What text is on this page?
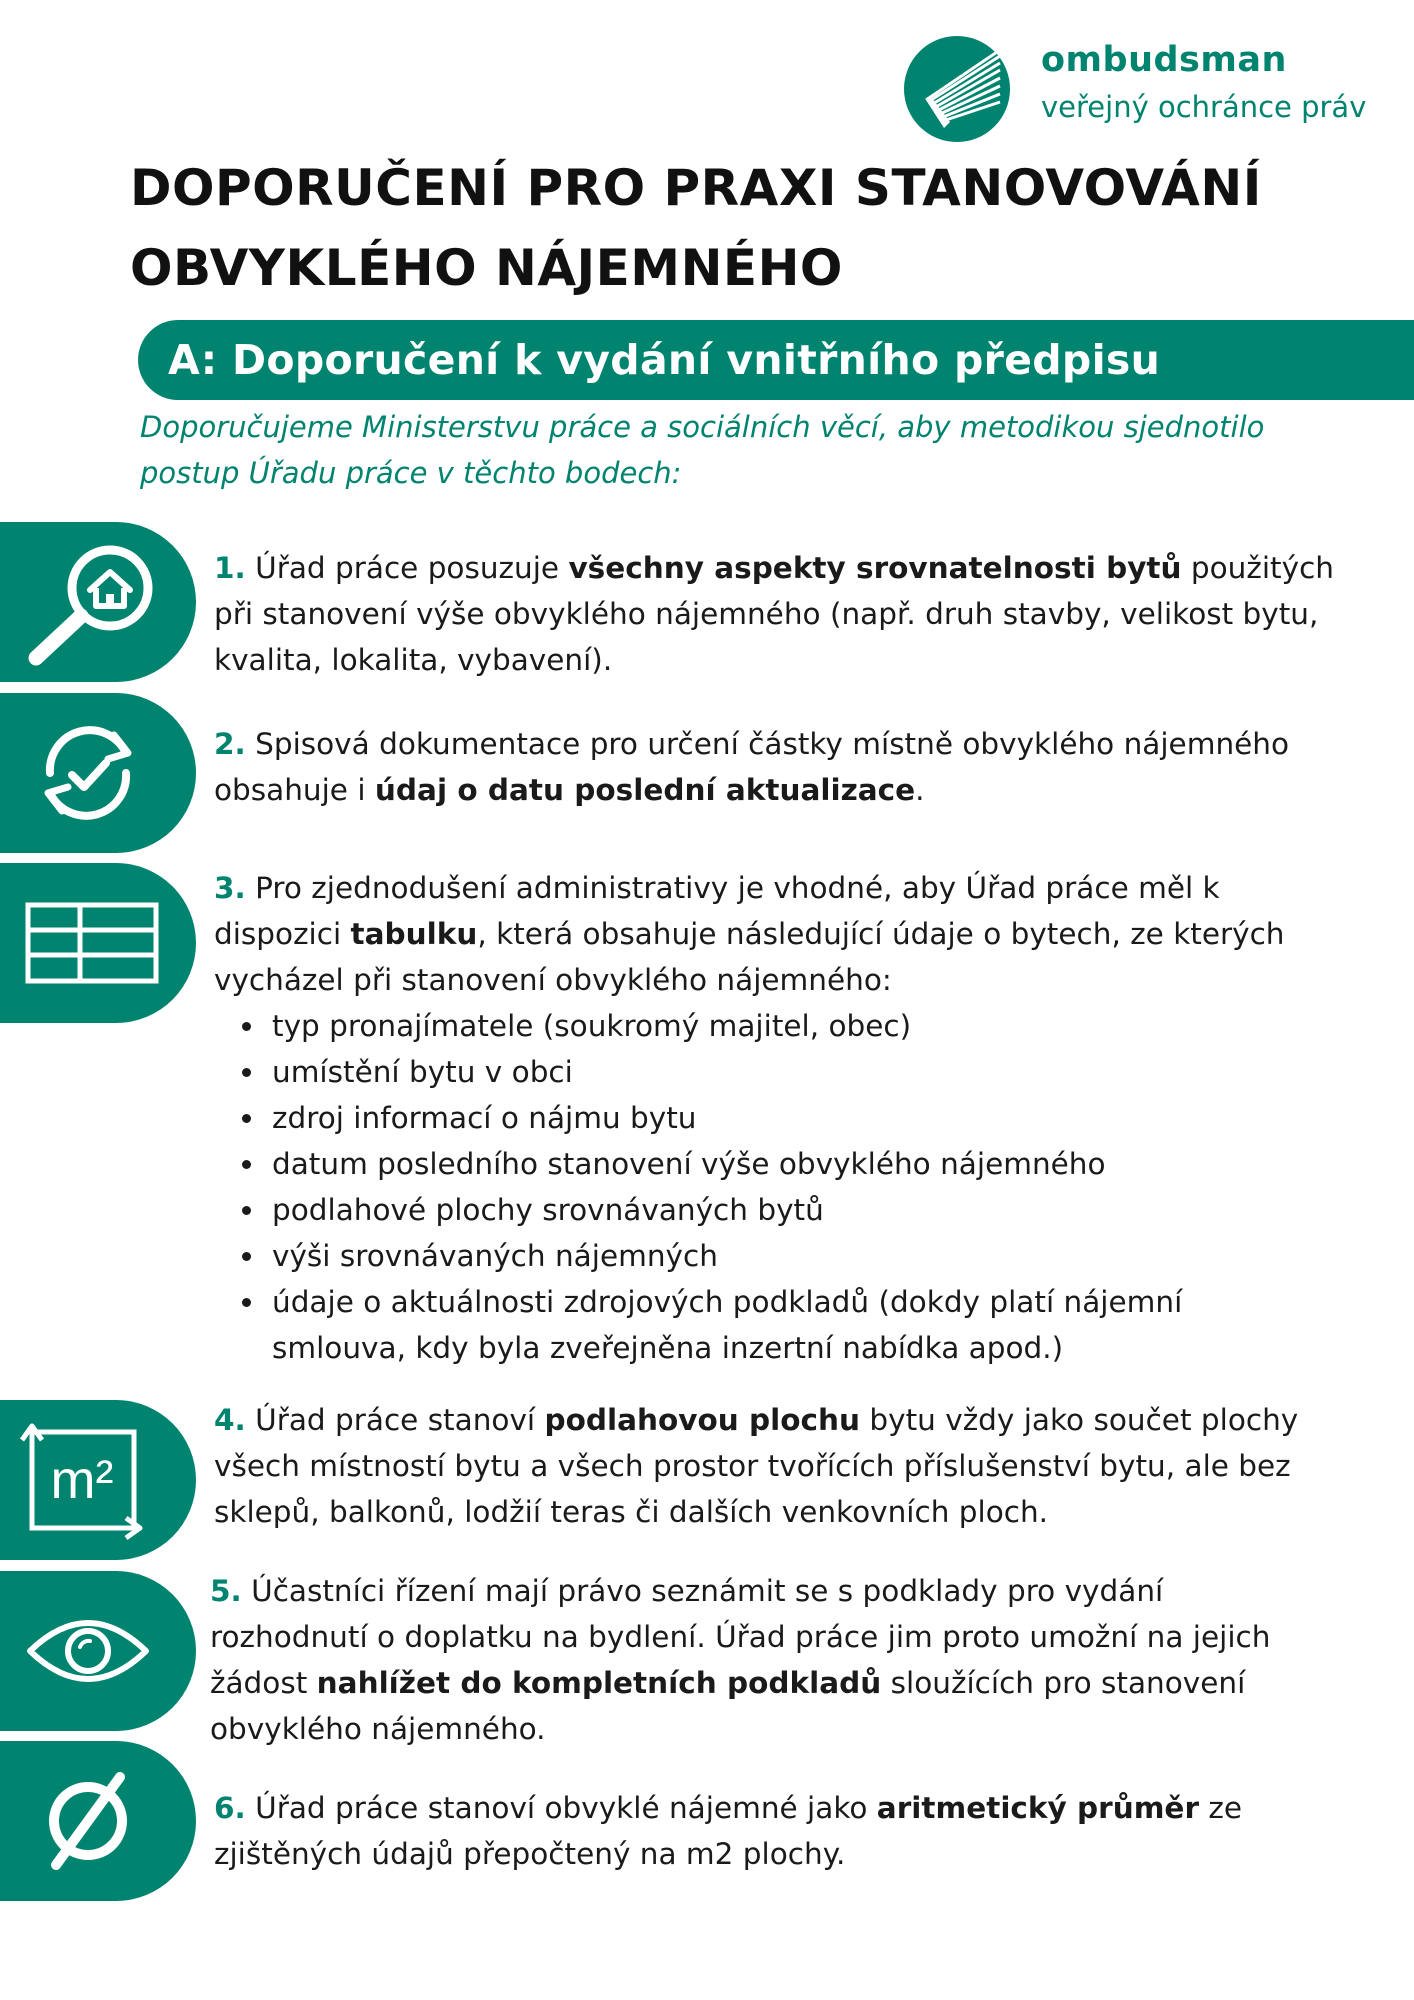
ombudsman
veřejný ochránce práv
DOPORUČENÍ PRO PRAXI STANOVOVÁNÍ
OBVYKLÉHO NÁJEMNÉHO
A: Doporučení k vydání vnitřního předpisu

Doporučujeme Ministerstvu práce a sociálních věcí, aby metodikou sjednotilo
postup Úřadu práce v těchto bodech:

m²

1. Úřad práce posuzuje všechny aspekty srovnatelnosti bytů použitých při stanovení výše obvyklého nájemného (např. druh stavby, velikost bytu, kvalita, lokalita, vybavení).

2. Spisová dokumentace pro určení částky místně obvyklého nájemného obsahuje i údaj o datu poslední aktualizace.

3. Pro zjednodušení administrativy je vhodné, aby Úřad práce měl k dispozici tabulku, která obsahuje následující údaje o bytech, ze kterých vycházel při stanovení obvyklého nájemného:

typ pronajímatele (soukromý majitel, obec)
umístění bytu v obci
zdroj informací o nájmu bytu
datum posledního stanovení výše obvyklého nájemného
podlahové plochy srovnávaných bytů
výši srovnávaných nájemných
údaje o aktuálnosti zdrojových podkladů (dokdy platí nájemní smlouva, kdy byla zveřejněna inzertní nabídka apod.)

4. Úřad práce stanoví podlahovou plochu bytu vždy jako součet plochy všech místností bytu a všech prostor tvořících příslušenství bytu, ale bez sklepů, balkonů, lodžií teras či dalších venkovních ploch.

5. Účastníci řízení mají právo seznámit se s podklady pro vydání rozhodnutí o doplatku na bydlení. Úřad práce jim proto umožní na jejich žádost nahlížet do kompletních podkladů sloužících pro stanovení obvyklého nájemného.

6. Úřad práce stanoví obvyklé nájemné jako aritmetický průměr ze zjištěných údajů přepočtený na m2 plochy.
